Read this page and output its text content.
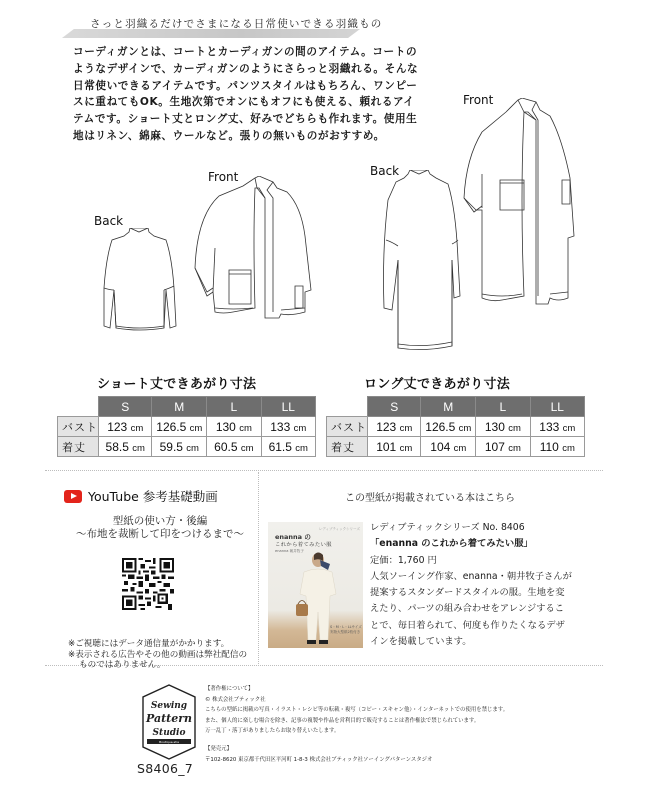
さっと羽織るだけでさまになる日常使いできる羽織もの

コーディガンとは、コートとカーディガンの間のアイテム。コートの

ようなデザインで、カーディガンのようにさらっと羽織れる。そんな

日常使いできるアイテムです。パンツスタイルはもちろん、ワンピー

スに重ねてもOK。生地次第でオンにもオフにも使える、頼れるアイ

テムです。ショート丈とロング丈、好みでどちらも作れます。使用生

地はリネン、綿麻、ウールなど。張りの無いものがおすすめ。

Back
Front	Back
Front
ショート丈できあがり寸法
	S	M	L	LL
バスト	123 cm	126.5 cm	130 cm	133 cm
着丈	58.5 cm	59.5 cm	60.5 cm	61.5 cm
ロング丈できあがり寸法
	S	M	L	LL
バスト	123 cm	126.5 cm	130 cm	133 cm
着丈	101 cm	104 cm	107 cm	110 cm
YouTube 参考基礎動画
型紙の使い方・後編
〜布地を裁断して印をつけるまで〜
※ご視聴にはデータ通信量がかかります。
※表示される広告やその他の動画は弊社配信の
ものではありません。
この型紙が掲載されている本はこちら
レディブティックシリーズ
enanna の
これから着てみたい服
enanna 朝井牧子
S・M・L・LLサイズ
実物大型紙2枚付き
レディブティックシリーズ No. 8406
「enanna のこれから着てみたい服」
定価：1,760 円
人気ソーイング作家、enanna・朝井牧子さんが
提案するスタンダードスタイルの服。生地を変
えたり、パーツの組み合わせをアレンジするこ
とで、毎日着られて、何度も作りたくなるデザ
インを掲載しています。
Sewing
Pattern
Studio
Boutique-sha
S8406_7
【著作権について】
© 株式会社ブティック社
こちらの型紙に掲載の写真・イラスト・レシピ等の転載・複写（コピー・スキャン他）・インターネットでの使用を禁じます。
また、個人的に楽しむ場合を除き、記事の複製や作品を営利目的で販売することは著作権法で禁じられています。
万一乱丁・落丁がありましたらお取り替えいたします。
【発売元】
〒102-8620 東京都千代田区平河町 1-8-3 株式会社ブティック社ソーイングパターンスタジオ
